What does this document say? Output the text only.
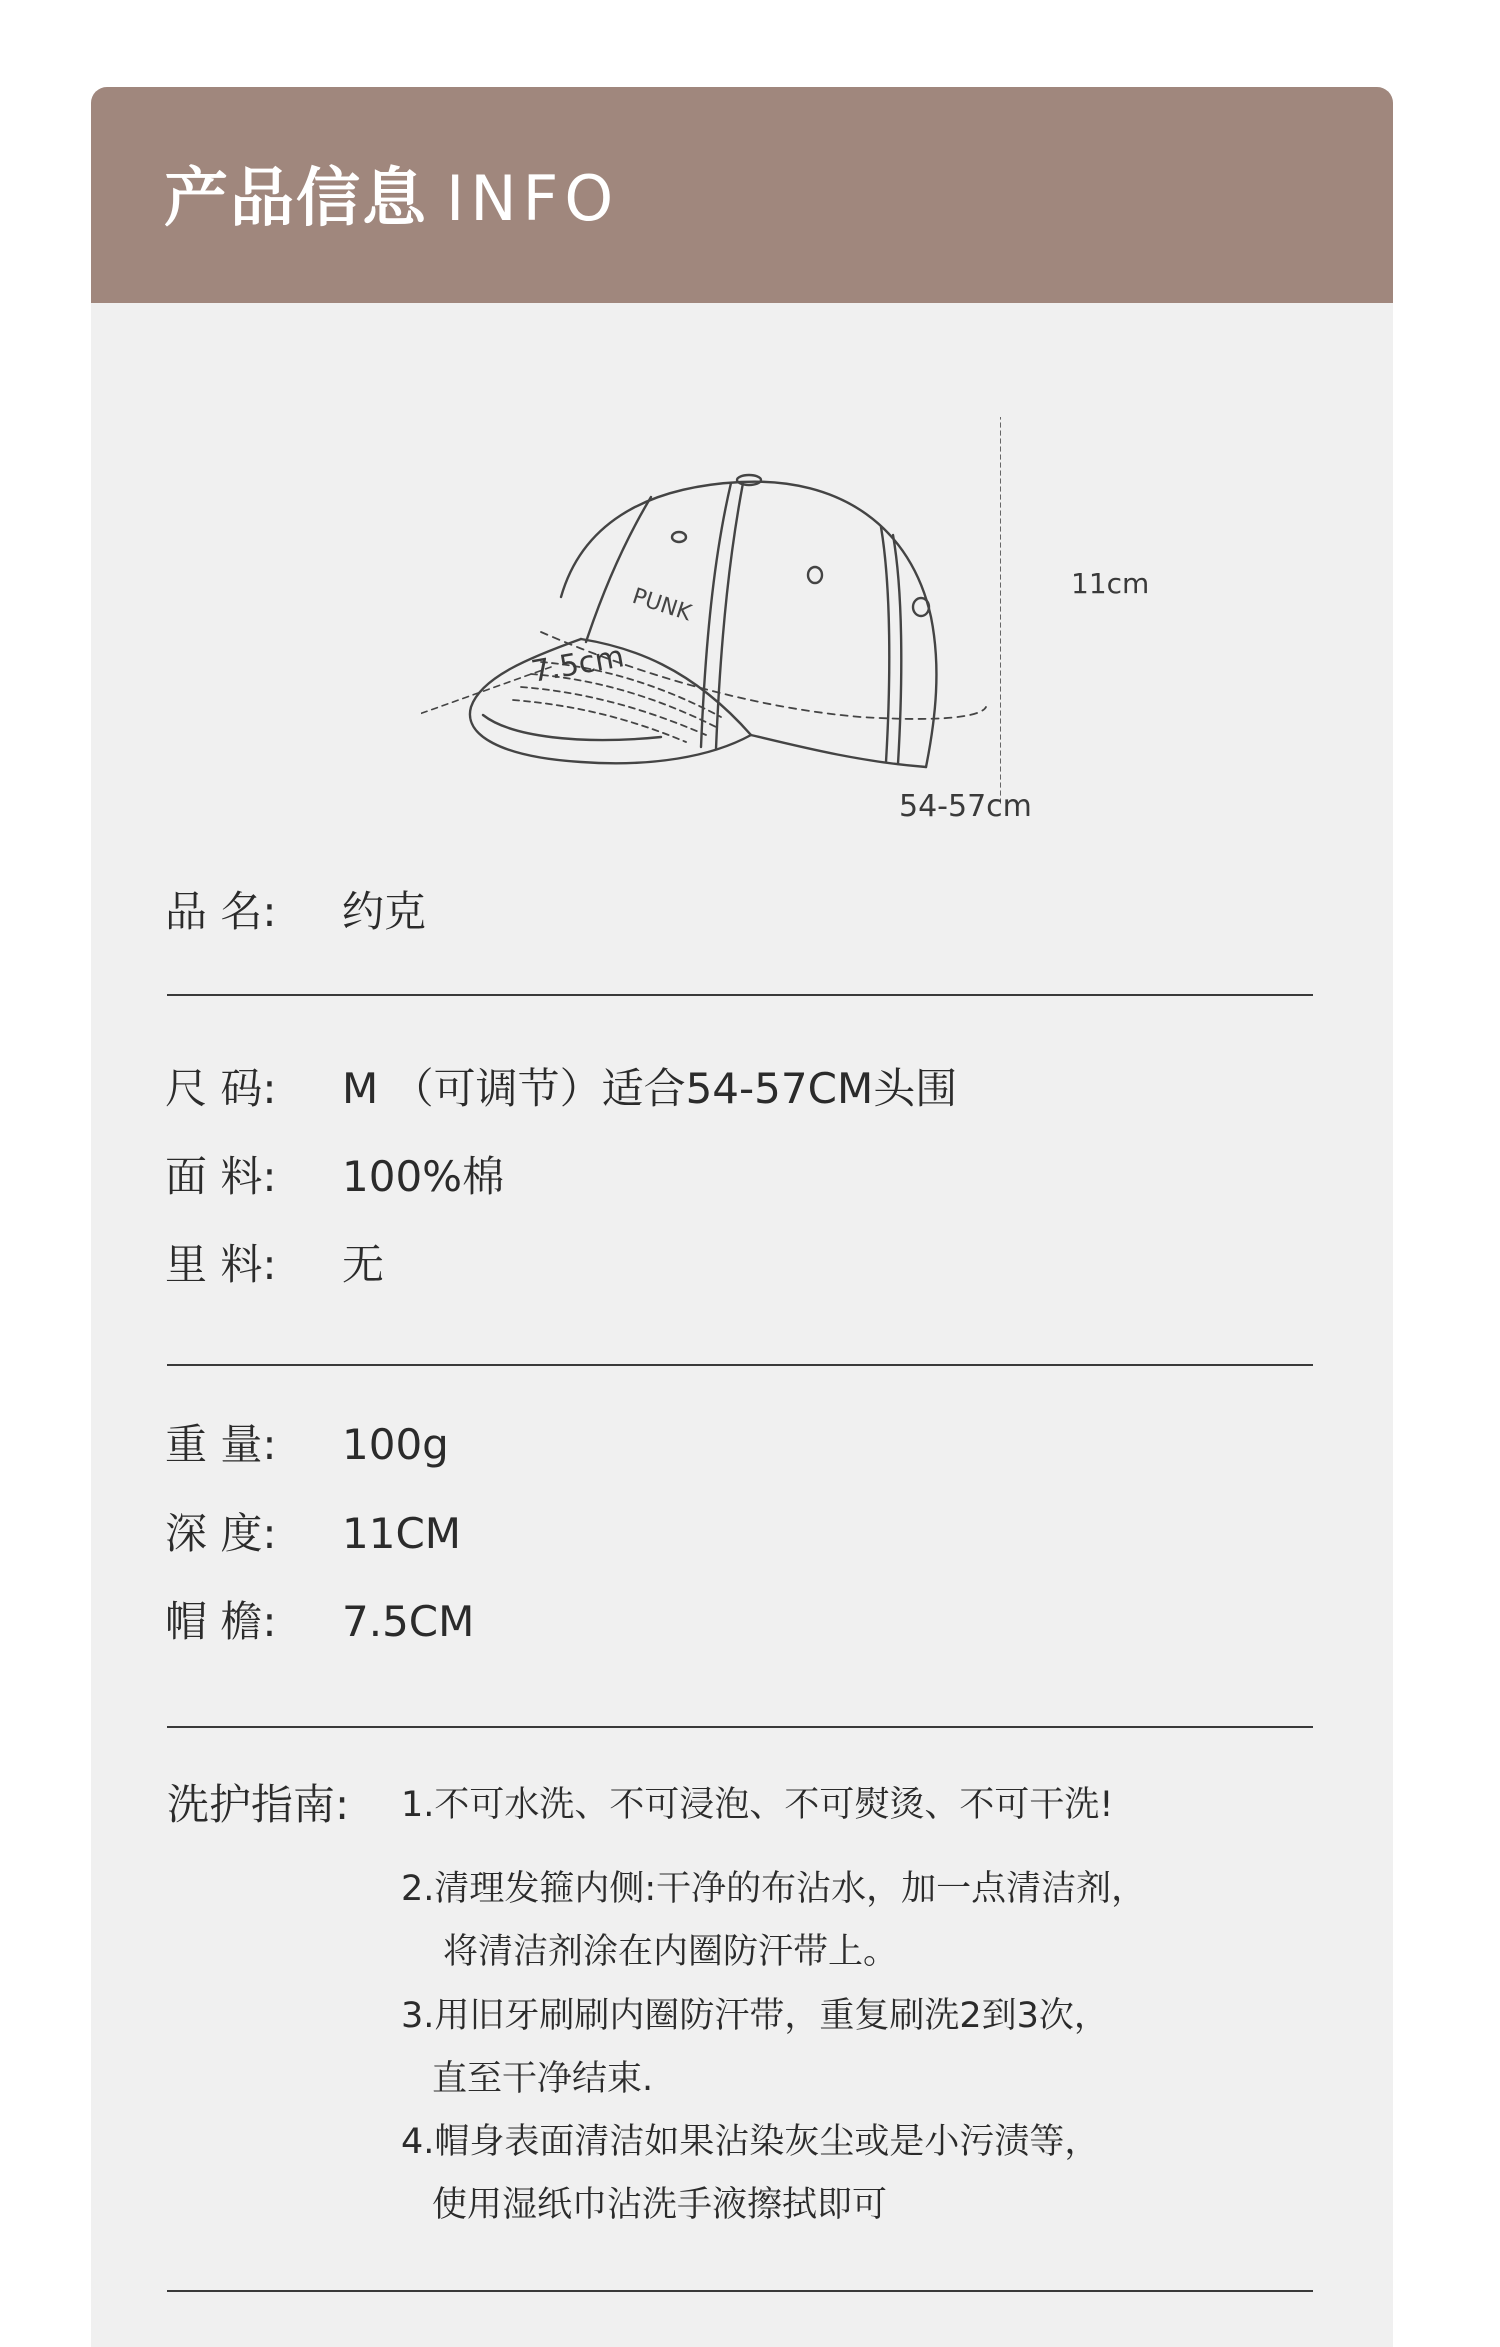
产品信息 INFO
PUNK
7.5cm
54-57cm
11cm
品 名: 约克
尺 码: M （可调节）适合54-57CM头围
面 料: 100%棉
里 料: 无
重 量: 100g
深 度: 11CM
帽 檐: 7.5CM
洗护指南: 1.不可水洗、不可浸泡、不可熨烫、不可干洗!
2.清理发箍内侧:干净的布沾水，加一点清洁剂，
将清洁剂涂在内圈防汗带上。
3.用旧牙刷刷内圈防汗带，重复刷洗2到3次，
直至干净结束.
4.帽身表面清洁如果沾染灰尘或是小污渍等，
使用湿纸巾沾洗手液擦拭即可
